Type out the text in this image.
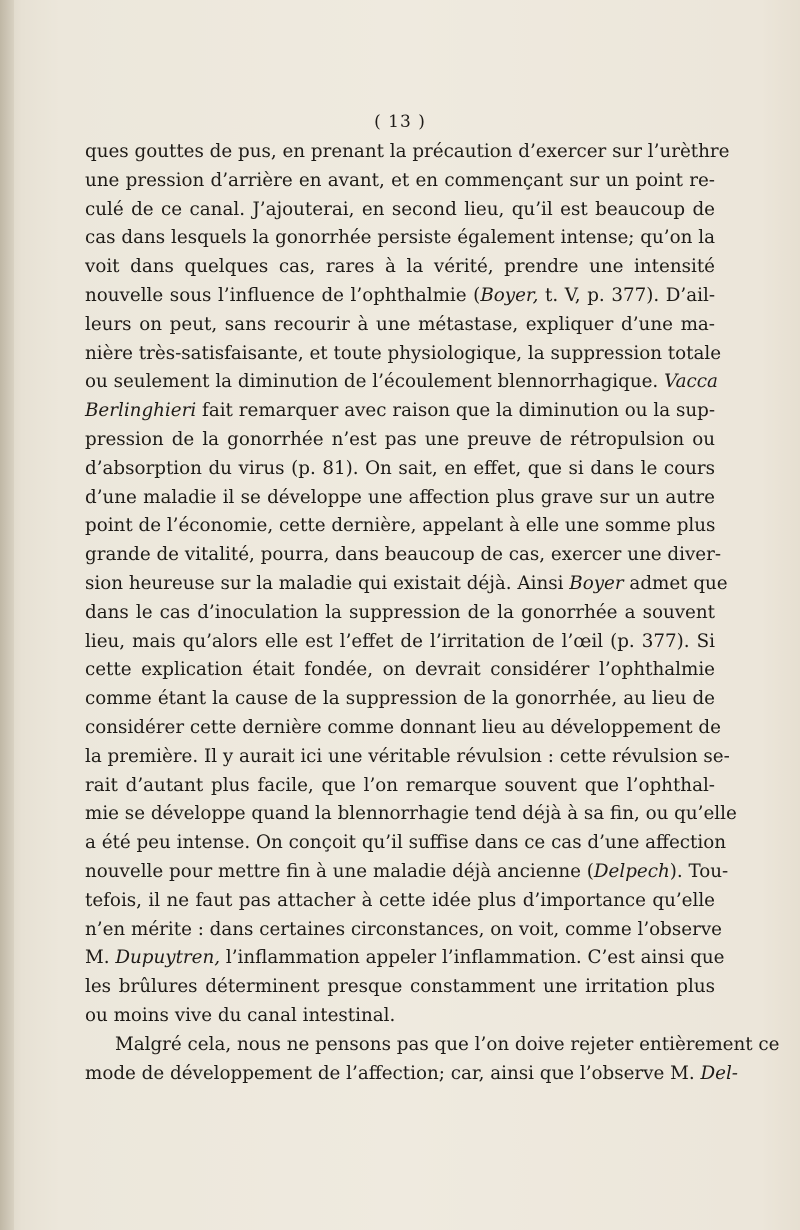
( 13 )
ques gouttes de pus, en prenant la précaution d’exercer sur l’urèthre
une pression d’arrière en avant, et en commençant sur un point re-
culé de ce canal. J’ajouterai, en second lieu, qu’il est beaucoup de
cas dans lesquels la gonorrhée persiste également intense; qu’on la
voit dans quelques cas, rares à la vérité, prendre une intensité
nouvelle sous l’influence de l’ophthalmie (Boyer, t. V, p. 377). D’ail-
leurs on peut, sans recourir à une métastase, expliquer d’une ma-
nière très-satisfaisante, et toute physiologique, la suppression totale
ou seulement la diminution de l’écoulement blennorrhagique. Vacca
Berlinghieri fait remarquer avec raison que la diminution ou la sup-
pression de la gonorrhée n’est pas une preuve de rétropulsion ou
d’absorption du virus (p. 81). On sait, en effet, que si dans le cours
d’une maladie il se développe une affection plus grave sur un autre
point de l’économie, cette dernière, appelant à elle une somme plus
grande de vitalité, pourra, dans beaucoup de cas, exercer une diver-
sion heureuse sur la maladie qui existait déjà. Ainsi Boyer admet que
dans le cas d’inoculation la suppression de la gonorrhée a souvent
lieu, mais qu’alors elle est l’effet de l’irritation de l’œil (p. 377). Si
cette explication était fondée, on devrait considérer l’ophthalmie
comme étant la cause de la suppression de la gonorrhée, au lieu de
considérer cette dernière comme donnant lieu au développement de
la première. Il y aurait ici une véritable révulsion : cette révulsion se-
rait d’autant plus facile, que l’on remarque souvent que l’ophthal-
mie se développe quand la blennorrhagie tend déjà à sa fin, ou qu’elle
a été peu intense. On conçoit qu’il suffise dans ce cas d’une affection
nouvelle pour mettre fin à une maladie déjà ancienne (Delpech). Tou-
tefois, il ne faut pas attacher à cette idée plus d’importance qu’elle
n’en mérite : dans certaines circonstances, on voit, comme l’observe
M. Dupuytren, l’inflammation appeler l’inflammation. C’est ainsi que
les brûlures déterminent presque constamment une irritation plus
ou moins vive du canal intestinal.
Malgré cela, nous ne pensons pas que l’on doive rejeter entièrement ce
mode de développement de l’affection; car, ainsi que l’observe M. Del-
